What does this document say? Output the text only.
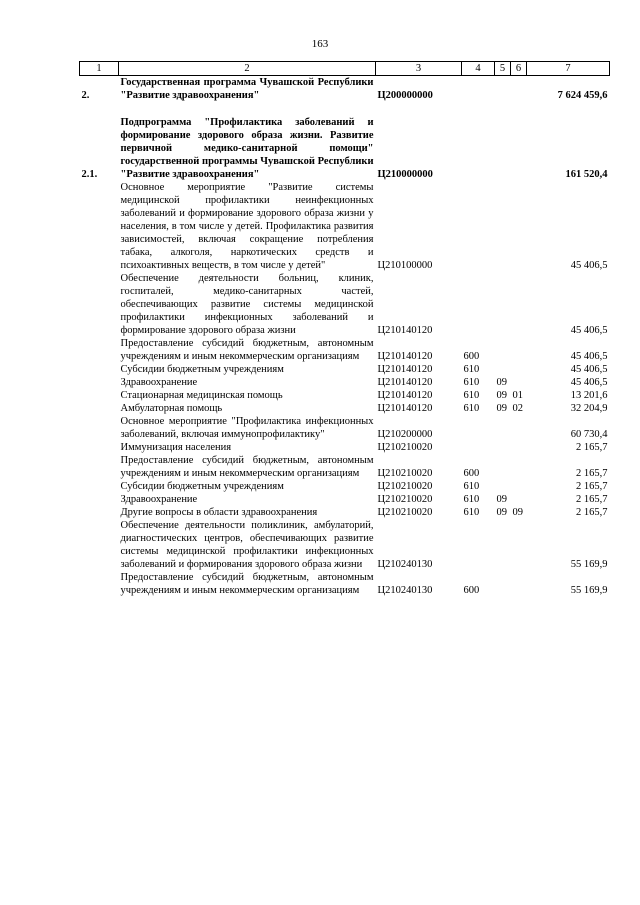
163
1	2	3	4	5	6	7
2.	Государственная программа Чувашской Республики "Развитие здравоохранения"	Ц200000000				7 624 459,6

2.1.	Подпрограмма "Профилактика заболеваний и формирование здорового образа жизни. Развитие первичной медико-санитарной помощи" государственной программы Чувашской Республики "Развитие здравоохранения"	Ц210000000				161 520,4
	Основное мероприятие "Развитие системы медицинской профилактики неинфекционных заболеваний и формирование здорового образа жизни у населения, в том числе у детей. Профилактика развития зависимостей, включая сокращение потребления табака, алкоголя, наркотических средств и психоактивных веществ, в том числе у детей"	Ц210100000				45 406,5
	Обеспечение деятельности больниц, клиник, госпиталей, медико-санитарных частей, обеспечивающих развитие системы медицинской профилактики инфекционных заболеваний и формирование здорового образа жизни	Ц210140120				45 406,5
	Предоставление субсидий бюджетным, автономным учреждениям и иным некоммерческим организациям	Ц210140120	600			45 406,5
	Субсидии бюджетным учреждениям	Ц210140120	610			45 406,5
	Здравоохранение	Ц210140120	610	09		45 406,5
	Стационарная медицинская помощь	Ц210140120	610	09	01	13 201,6
	Амбулаторная помощь	Ц210140120	610	09	02	32 204,9
	Основное мероприятие "Профилактика инфекционных заболеваний, включая иммунопрофилактику"	Ц210200000				60 730,4
	Иммунизация населения	Ц210210020				2 165,7
	Предоставление субсидий бюджетным, автономным учреждениям и иным некоммерческим организациям	Ц210210020	600			2 165,7
	Субсидии бюджетным учреждениям	Ц210210020	610			2 165,7
	Здравоохранение	Ц210210020	610	09		2 165,7
	Другие вопросы в области здравоохранения	Ц210210020	610	09	09	2 165,7
	Обеспечение деятельности поликлиник, амбулаторий, диагностических центров, обеспечивающих развитие системы медицинской профилактики инфекционных заболеваний и формирования здорового образа жизни	Ц210240130				55 169,9
	Предоставление субсидий бюджетным, автономным учреждениям и иным некоммерческим организациям	Ц210240130	600			55 169,9
